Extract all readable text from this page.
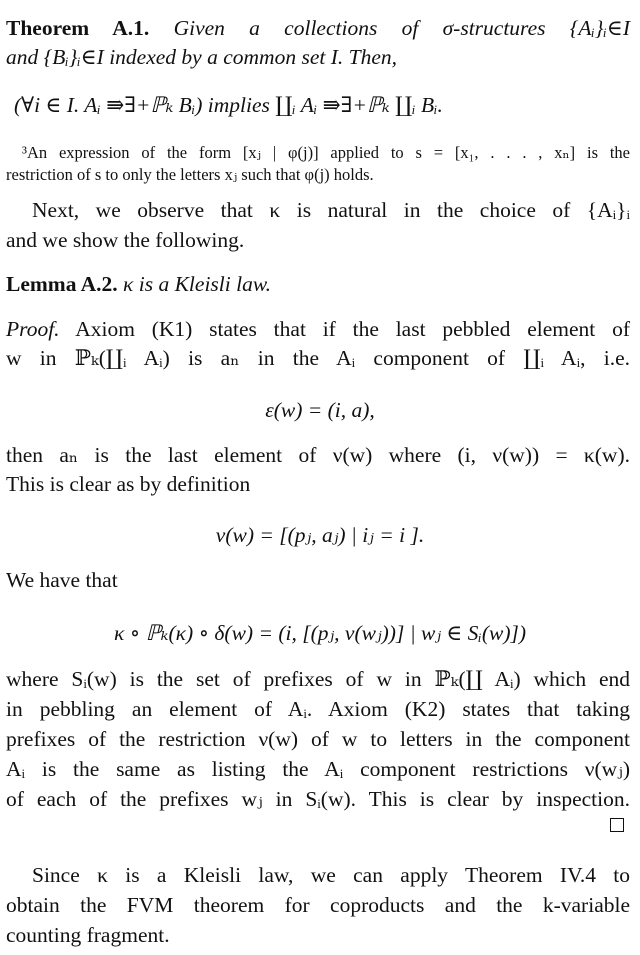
Theorem A.1. Given a collections of σ-structures {Aᵢ}ᵢ∈I
and {Bᵢ}ᵢ∈I indexed by a common set I. Then,
(∀i ∈ I. Aᵢ ⇛∃+ℙₖ Bᵢ) implies ∐ᵢ Aᵢ ⇛∃+ℙₖ ∐ᵢ Bᵢ.
³An expression of the form [xⱼ | φ(j)] applied to s = [x₁, . . . , xₙ] is the
restriction of s to only the letters xⱼ such that φ(j) holds.
Next, we observe that κ is natural in the choice of {Aᵢ}ᵢ
and we show the following.
Lemma A.2. κ is a Kleisli law.
Proof. Axiom (K1) states that if the last pebbled element of
w in ℙₖ(∐ᵢ Aᵢ) is aₙ in the Aᵢ component of ∐ᵢ Aᵢ, i.e.
ε(w) = (i, a),
then aₙ is the last element of ν(w) where (i, ν(w)) = κ(w).
This is clear as by definition
ν(w) = [(pⱼ, aⱼ) | iⱼ = i ].
We have that
κ ∘ ℙₖ(κ) ∘ δ(w) = (i, [(pⱼ, ν(wⱼ))] | wⱼ ∈ Sᵢ(w)])
where Sᵢ(w) is the set of prefixes of w in ℙₖ(∐ Aᵢ) which end
in pebbling an element of Aᵢ. Axiom (K2) states that taking
prefixes of the restriction ν(w) of w to letters in the component
Aᵢ is the same as listing the Aᵢ component restrictions ν(wⱼ)
of each of the prefixes wⱼ in Sᵢ(w). This is clear by inspection.
Since κ is a Kleisli law, we can apply Theorem IV.4 to
obtain the FVM theorem for coproducts and the k-variable
counting fragment.
